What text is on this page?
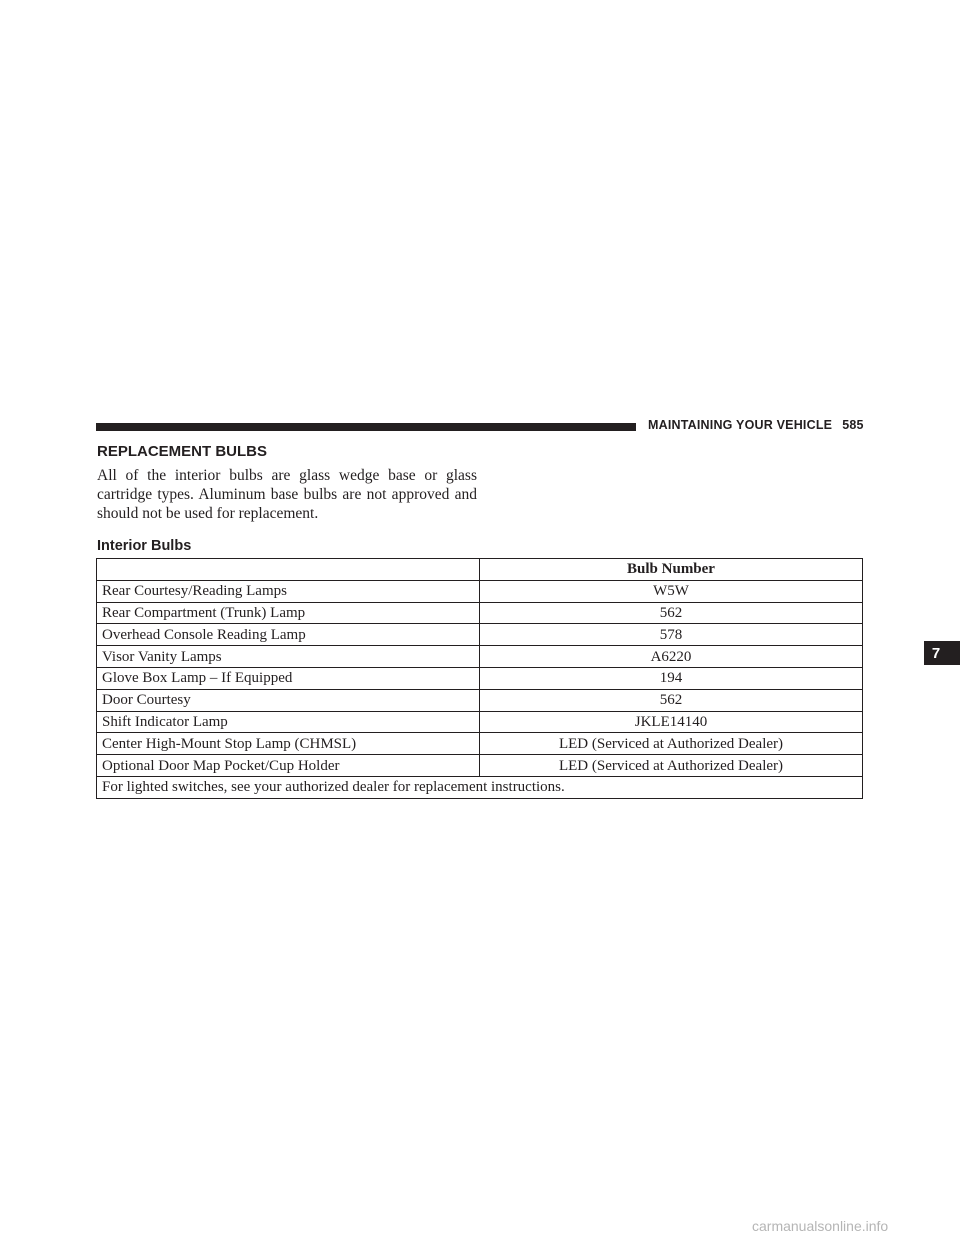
MAINTAINING YOUR VEHICLE 585
REPLACEMENT BULBS

All of the interior bulbs are glass wedge base or glass cartridge types. Aluminum base bulbs are not approved and should not be used for replacement.

Interior Bulbs
	Bulb Number
Rear Courtesy/Reading Lamps	W5W
Rear Compartment (Trunk) Lamp	562
Overhead Console Reading Lamp	578
Visor Vanity Lamps	A6220
Glove Box Lamp – If Equipped	194
Door Courtesy	562
Shift Indicator Lamp	JKLE14140
Center High-Mount Stop Lamp (CHMSL)	LED (Serviced at Authorized Dealer)
Optional Door Map Pocket/Cup Holder	LED (Serviced at Authorized Dealer)
For lighted switches, see your authorized dealer for replacement instructions.	
7
carmanualsonline.info
